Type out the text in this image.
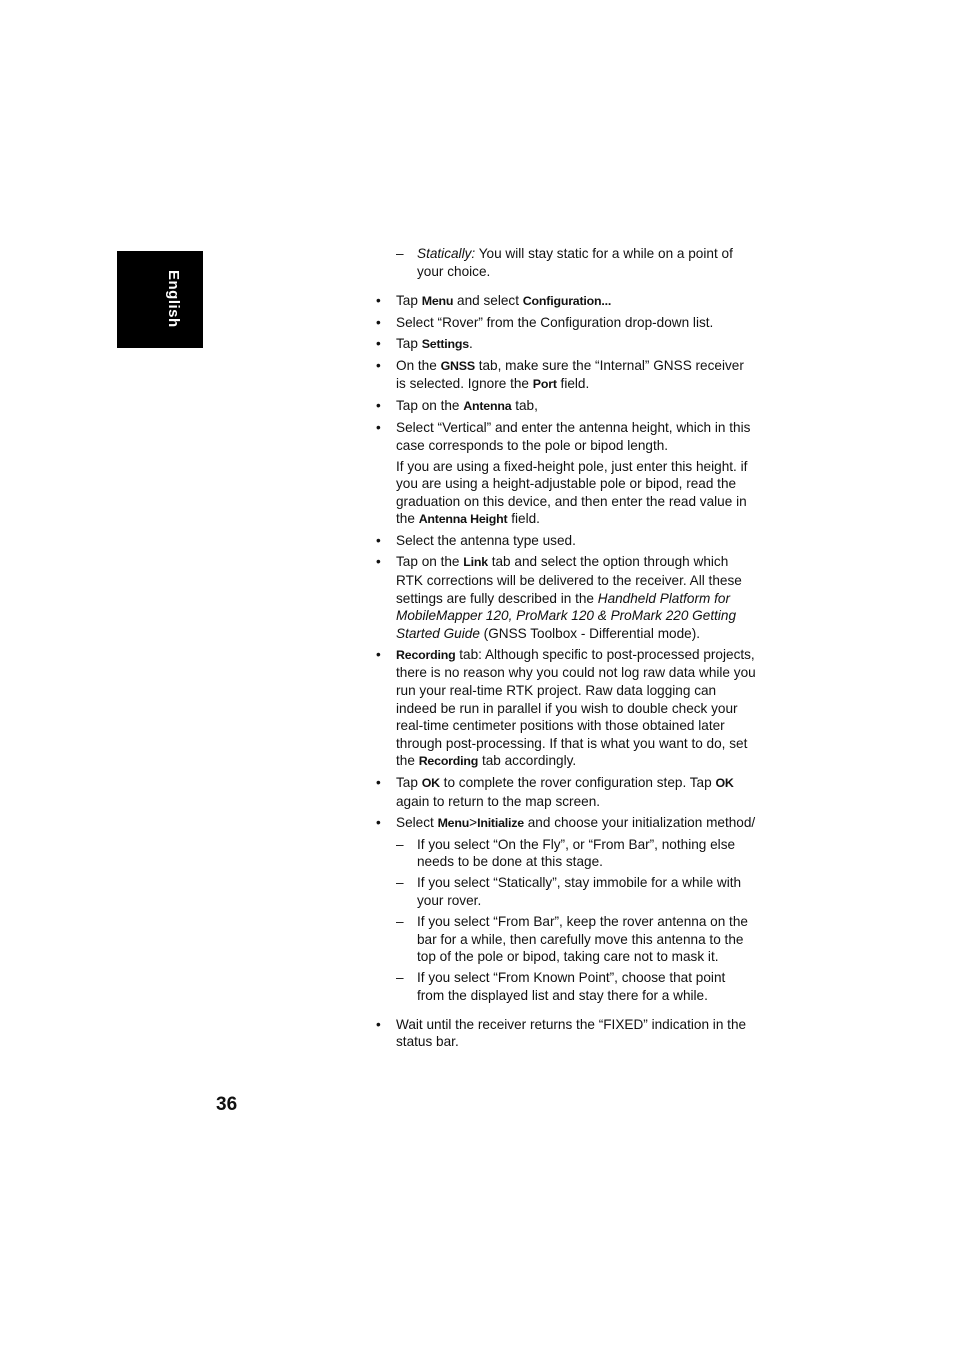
English
– Statically: You will stay static for a while on a point of your choice.
• Tap Menu and select Configuration...
• Select “Rover” from the Configuration drop-down list.
• Tap Settings.
• On the GNSS tab, make sure the “Internal” GNSS receiver is selected. Ignore the Port field.
• Tap on the Antenna tab,
• Select “Vertical” and enter the antenna height, which in this case corresponds to the pole or bipod length.
If you are using a fixed-height pole, just enter this height. if you are using a height-adjustable pole or bipod, read the graduation on this device, and then enter the read value in the Antenna Height field.
• Select the antenna type used.
• Tap on the Link tab and select the option through which RTK corrections will be delivered to the receiver. All these settings are fully described in the Handheld Platform for MobileMapper 120, ProMark 120 & ProMark 220 Getting Started Guide (GNSS Toolbox - Differential mode).
• Recording tab: Although specific to post-processed projects, there is no reason why you could not log raw data while you run your real-time RTK project. Raw data logging can indeed be run in parallel if you wish to double check your real-time centimeter positions with those obtained later through post-processing. If that is what you want to do, set the Recording tab accordingly.
• Tap OK to complete the rover configuration step. Tap OK again to return to the map screen.
• Select Menu>Initialize and choose your initialization method/
– If you select “On the Fly”, or “From Bar”, nothing else needs to be done at this stage.
– If you select “Statically”, stay immobile for a while with your rover.
– If you select “From Bar”, keep the rover antenna on the bar for a while, then carefully move this antenna to the top of the pole or bipod, taking care not to mask it.
– If you select “From Known Point”, choose that point from the displayed list and stay there for a while.
• Wait until the receiver returns the “FIXED” indication in the status bar.
36
